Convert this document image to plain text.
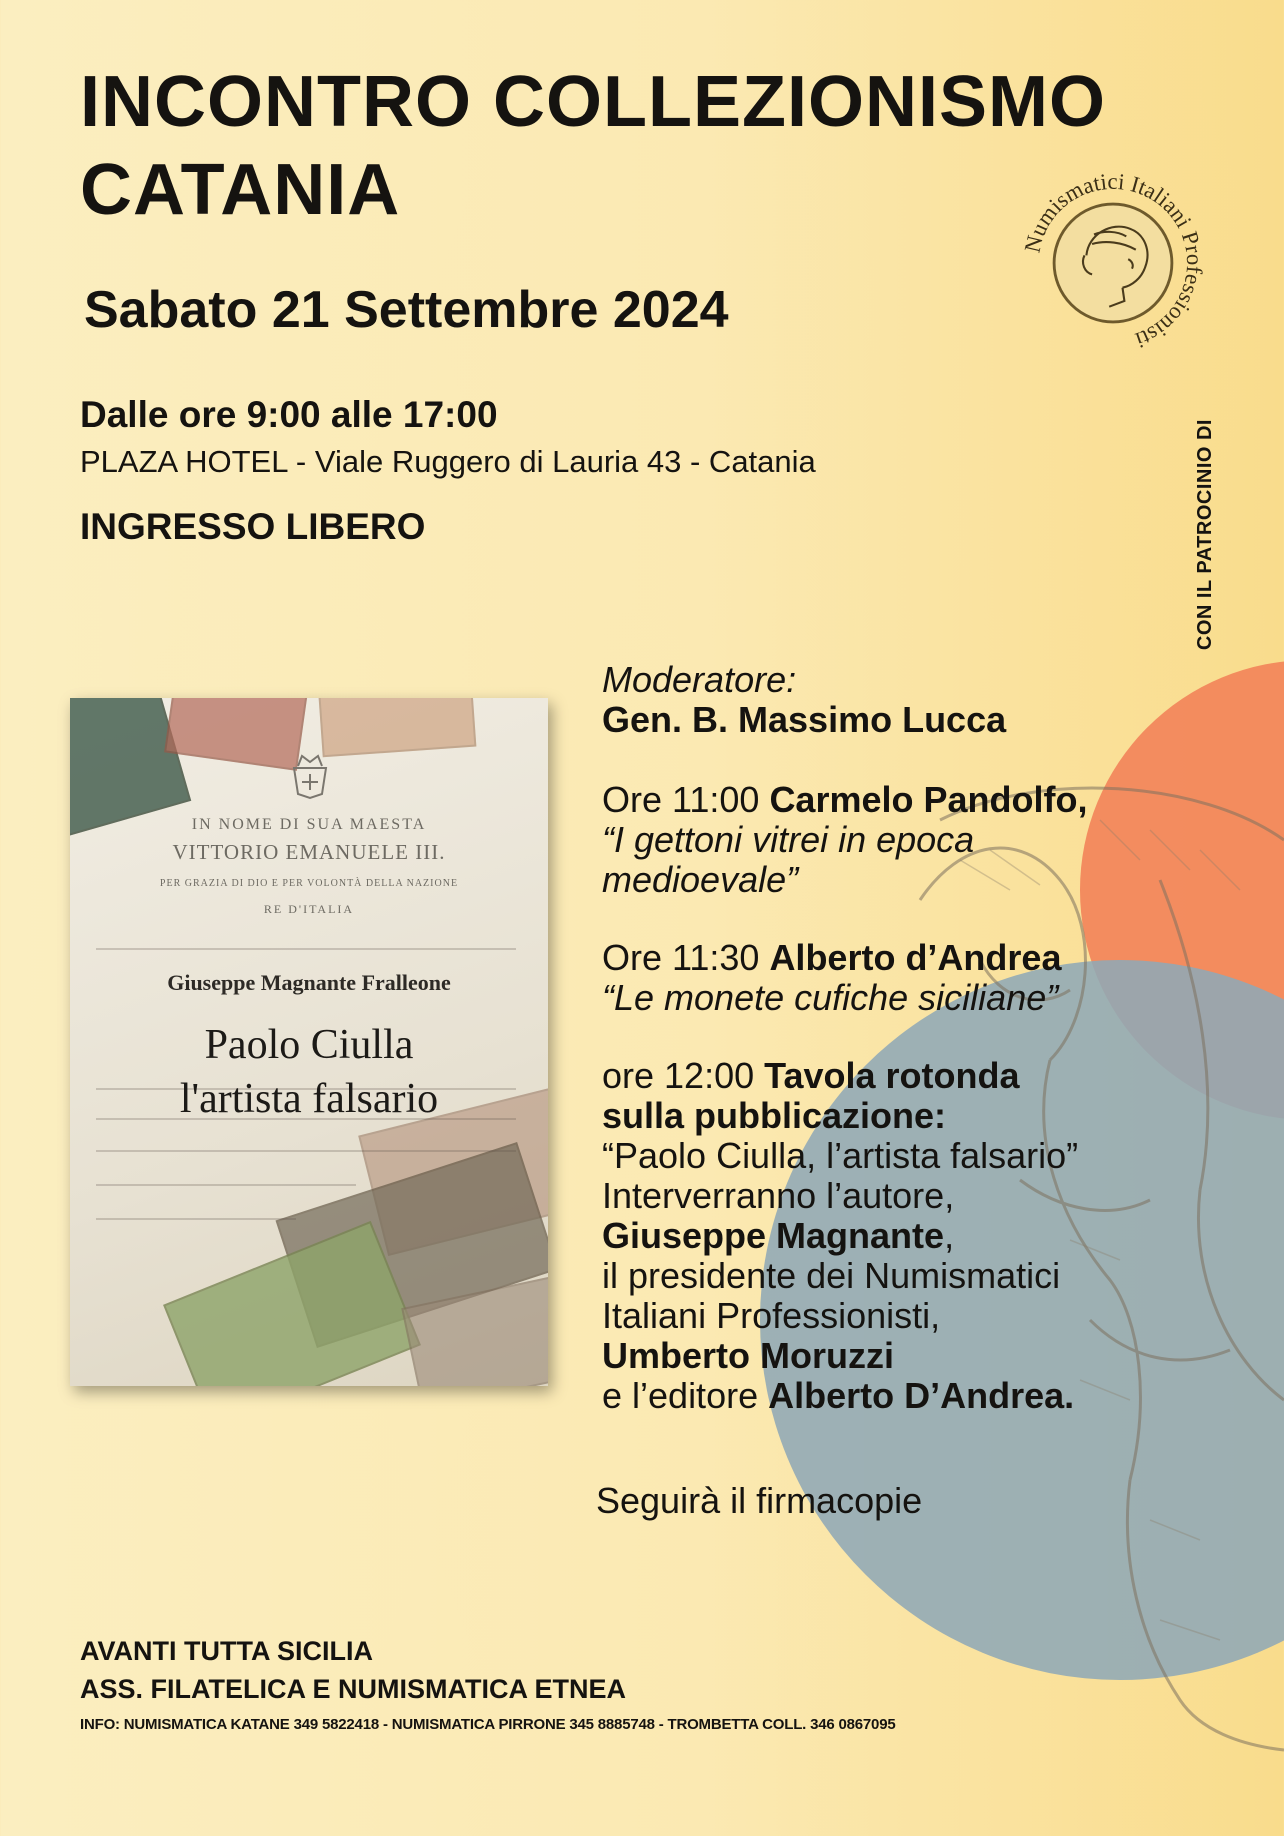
INCONTRO COLLEZIONISMO
CATANIA
Sabato 21 Settembre 2024
Dalle ore 9:00 alle 17:00
PLAZA HOTEL - Viale Ruggero di Lauria 43 - Catania
INGRESSO LIBERO
Numismatici Italiani Professionisti
CON IL PATROCINIO DI
IN NOME DI SUA MAESTA
VITTORIO EMANUELE III.
PER GRAZIA DI DIO E PER VOLONTÀ DELLA NAZIONE
RE D'ITALIA
Giuseppe Magnante Fralleone
Paolo Ciulla
l'artista falsario

Moderatore:

Gen. B. Massimo Lucca

Ore 11:00 Carmelo Pandolfo,

“I gettoni vitrei in epoca

medioevale”

Ore 11:30 Alberto d’Andrea

“Le monete cufiche siciliane”

ore 12:00 Tavola rotonda

sulla pubblicazione:

“Paolo Ciulla, l’artista falsario”

Interverranno l’autore,

Giuseppe Magnante,

il presidente dei Numismatici

Italiani Professionisti,

Umberto Moruzzi

e l’editore Alberto D’Andrea.

Seguirà il firmacopie
AVANTI TUTTA SICILIA
ASS. FILATELICA E NUMISMATICA ETNEA
INFO: NUMISMATICA KATANE 349 5822418 - NUMISMATICA PIRRONE 345 8885748 - TROMBETTA COLL. 346 0867095
